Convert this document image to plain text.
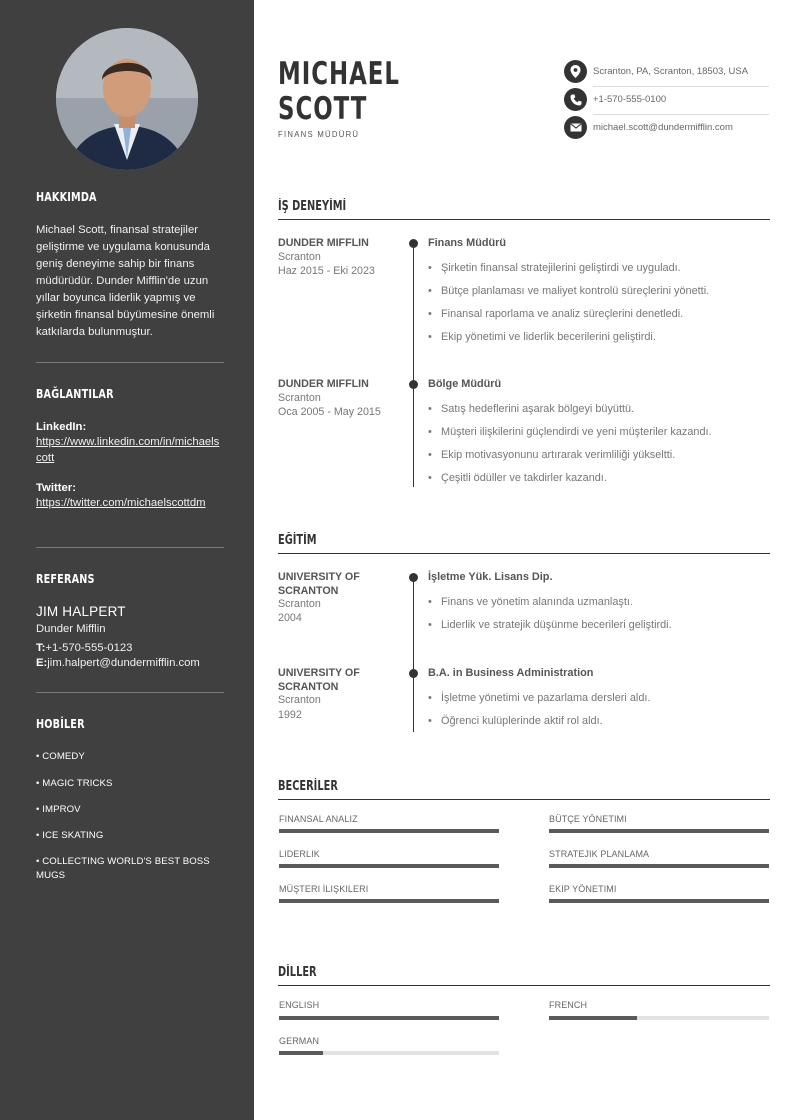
HAKKIMDA
Michael Scott, finansal stratejiler geliştirme ve uygulama konusunda geniş deneyime sahip bir finans müdürüdür. Dunder Mifflin'de uzun yıllar boyunca liderlik yapmış ve şirketin finansal büyümesine önemli katkılarda bulunmuştur.
BAĞLANTILAR
LinkedIn:
https://www.linkedin.com/in/michaelscott
Twitter:
https://twitter.com/michaelscottdm
REFERANS
JIM HALPERT
Dunder Mifflin
T:+1-570-555-0123
E:jim.halpert@dundermifflin.com
HOBİLER
• COMEDY
• MAGIC TRICKS
• IMPROV
• ICE SKATING
• COLLECTING WORLD'S BEST BOSS MUGS
MICHAEL
SCOTT
FINANS MÜDÜRÜ
Scranton, PA, Scranton, 18503, USA
+1-570-555-0100
michael.scott@dundermifflin.com
İŞ DENEYİMİ
DUNDER MIFFLIN
Scranton
Haz 2015 - Eki 2023
Finans Müdürü
• Şirketin finansal stratejilerini geliştirdi ve uyguladı.
• Bütçe planlaması ve maliyet kontrolü süreçlerini yönetti.
• Finansal raporlama ve analiz süreçlerini denetledi.
• Ekip yönetimi ve liderlik becerilerini geliştirdi.
DUNDER MIFFLIN
Scranton
Oca 2005 - May 2015
Bölge Müdürü
• Satış hedeflerini aşarak bölgeyi büyüttü.
• Müşteri ilişkilerini güçlendirdi ve yeni müşteriler kazandı.
• Ekip motivasyonunu artırarak verimliliği yükseltti.
• Çeşitli ödüller ve takdirler kazandı.
EĞİTİM
UNIVERSITY OF
SCRANTON
Scranton
2004
İşletme Yük. Lisans Dip.
• Finans ve yönetim alanında uzmanlaştı.
• Liderlik ve stratejik düşünme becerileri geliştirdi.
UNIVERSITY OF
SCRANTON
Scranton
1992
B.A. in Business Administration
• İşletme yönetimi ve pazarlama dersleri aldı.
• Öğrenci kulüplerinde aktif rol aldı.
BECERİLER
FINANSAL ANALIZ	BÜTÇE YÖNETIMI
LIDERLIK	STRATEJIK PLANLAMA
MÜŞTERI İLIŞKILERI	EKIP YÖNETIMI
DİLLER
ENGLISH	FRENCH
GERMAN
